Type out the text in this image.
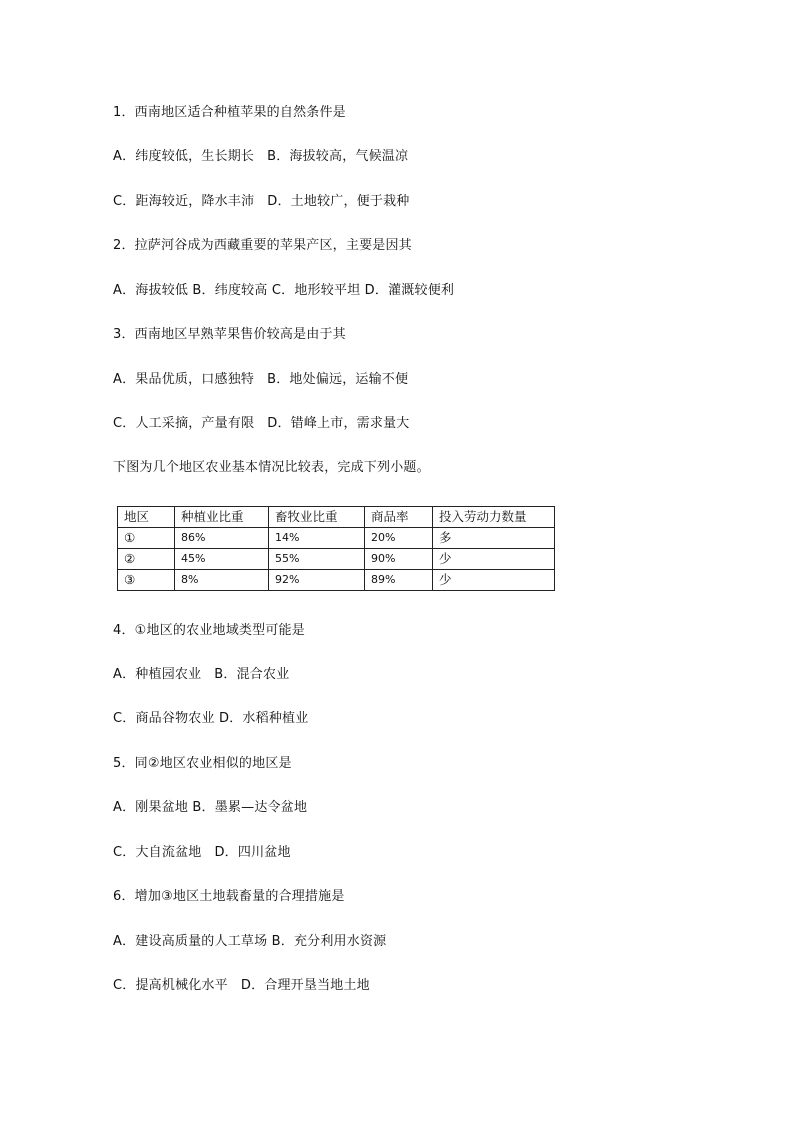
1．西南地区适合种植苹果的自然条件是
A．纬度较低，生长期长   B．海拔较高，气候温凉
C．距海较近，降水丰沛   D．土地较广，便于栽种
2．拉萨河谷成为西藏重要的苹果产区，主要是因其
A．海拔较低 B．纬度较高 C．地形较平坦 D．灌溉较便利
3．西南地区早熟苹果售价较高是由于其
A．果品优质，口感独特   B．地处偏远，运输不便
C．人工采摘，产量有限   D．错峰上市，需求量大
下图为几个地区农业基本情况比较表，完成下列小题。
地区	种植业比重	畜牧业比重	商品率	投入劳动力数量
①	86%	14%	20%	多
②	45%	55%	90%	少
③	8%	92%	89%	少
4．①地区的农业地域类型可能是
A．种植园农业   B．混合农业
C．商品谷物农业 D．水稻种植业
5．同②地区农业相似的地区是
A．刚果盆地 B．墨累—达令盆地
C．大自流盆地   D．四川盆地
6．增加③地区土地载畜量的合理措施是
A．建设高质量的人工草场 B．充分利用水资源
C．提高机械化水平   D．合理开垦当地土地
